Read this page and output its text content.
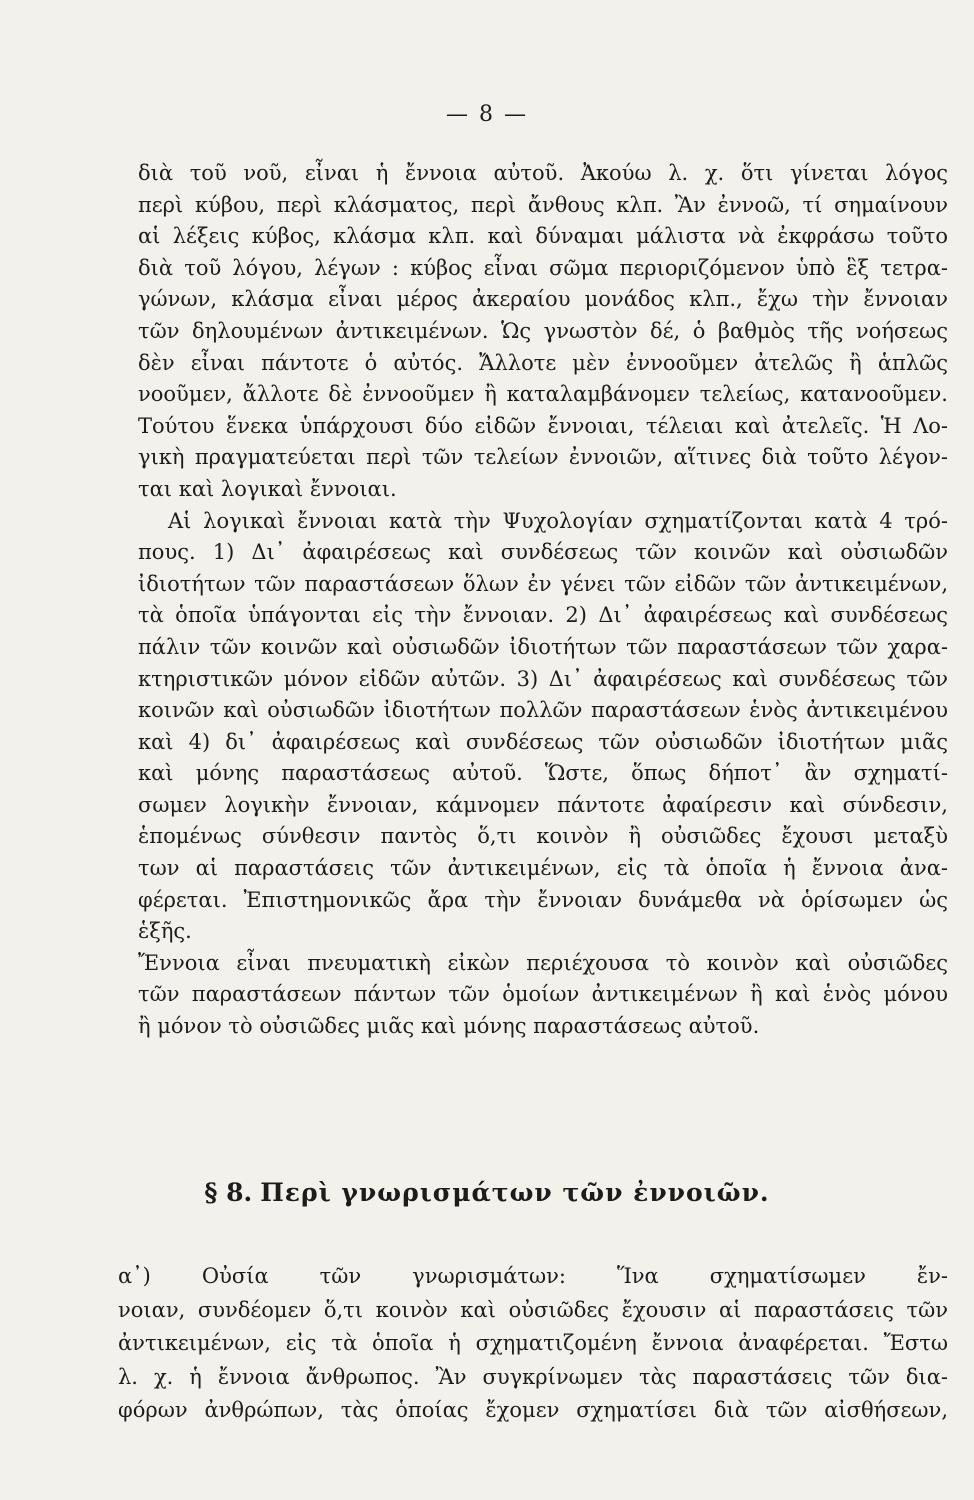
— 8 —
διὰ τοῦ νοῦ, εἶναι ἡ ἔννοια αὐτοῦ. Ἀκούω λ. χ. ὅτι γίνεται λόγος
περὶ κύβου, περὶ κλάσματος, περὶ ἄνθους κλπ. Ἂν ἐννοῶ, τί σημαίνουν
αἱ λέξεις κύβος, κλάσμα κλπ. καὶ δύναμαι μάλιστα νὰ ἐκφράσω τοῦτο
διὰ τοῦ λόγου, λέγων : κύβος εἶναι σῶμα περιοριζόμενον ὑπὸ ἓξ τετρα-
γώνων, κλάσμα εἶναι μέρος ἀκεραίου μονάδος κλπ., ἔχω τὴν ἔννοιαν
τῶν δηλουμένων ἀντικειμένων. Ὡς γνωστὸν δέ, ὁ βαθμὸς τῆς νοήσεως
δὲν εἶναι πάντοτε ὁ αὐτός. Ἄλλοτε μὲν ἐννοοῦμεν ἀτελῶς ἢ ἁπλῶς
νοοῦμεν, ἄλλοτε δὲ ἐννοοῦμεν ἢ καταλαμβάνομεν τελείως, κατανοοῦμεν.
Τούτου ἕνεκα ὑπάρχουσι δύο εἰδῶν ἔννοιαι, τέλειαι καὶ ἀτελεῖς. Ἡ Λο-
γικὴ πραγματεύεται περὶ τῶν τελείων ἐννοιῶν, αἵτινες διὰ τοῦτο λέγον-
ται καὶ λογικαὶ ἔννοιαι.
Αἱ λογικαὶ ἔννοιαι κατὰ τὴν Ψυχολογίαν σχηματίζονται κατὰ 4 τρό-
πους. 1) Δι᾽ ἀφαιρέσεως καὶ συνδέσεως τῶν κοινῶν καὶ οὐσιωδῶν
ἰδιοτήτων τῶν παραστάσεων ὅλων ἐν γένει τῶν εἰδῶν τῶν ἀντικειμένων,
τὰ ὁποῖα ὑπάγονται εἰς τὴν ἔννοιαν. 2) Δι᾽ ἀφαιρέσεως καὶ συνδέσεως
πάλιν τῶν κοινῶν καὶ οὐσιωδῶν ἰδιοτήτων τῶν παραστάσεων τῶν χαρα-
κτηριστικῶν μόνον εἰδῶν αὐτῶν. 3) Δι᾽ ἀφαιρέσεως καὶ συνδέσεως τῶν
κοινῶν καὶ οὐσιωδῶν ἰδιοτήτων πολλῶν παραστάσεων ἑνὸς ἀντικειμένου
καὶ 4) δι᾽ ἀφαιρέσεως καὶ συνδέσεως τῶν οὐσιωδῶν ἰδιοτήτων μιᾶς
καὶ μόνης παραστάσεως αὐτοῦ. Ὥστε, ὅπως δήποτ᾽ ἂν σχηματί-
σωμεν λογικὴν ἔννοιαν, κάμνομεν πάντοτε ἀφαίρεσιν καὶ σύνδεσιν,
ἑπομένως σύνθεσιν παντὸς ὅ,τι κοινὸν ἢ οὐσιῶδες ἔχουσι μεταξὺ
των αἱ παραστάσεις τῶν ἀντικειμένων, εἰς τὰ ὁποῖα ἡ ἔννοια ἀνα-
φέρεται. Ἐπιστημονικῶς ἄρα τὴν ἔννοιαν δυνάμεθα νὰ ὁρίσωμεν ὡς
ἑξῆς.
Ἔννοια εἶναι πνευματικὴ εἰκὼν περιέχουσα τὸ κοινὸν καὶ οὐσιῶδες
τῶν παραστάσεων πάντων τῶν ὁμοίων ἀντικειμένων ἢ καὶ ἑνὸς μόνου
ἢ μόνον τὸ οὐσιῶδες μιᾶς καὶ μόνης παραστάσεως αὐτοῦ.
§ 8. Περὶ γνωρισμάτων τῶν ἐννοιῶν.
α᾽) Οὐσία τῶν γνωρισμάτων: Ἵνα σχηματίσωμεν ἔν-
νοιαν, συνδέομεν ὅ,τι κοινὸν καὶ οὐσιῶδες ἔχουσιν αἱ παραστάσεις τῶν
ἀντικειμένων, εἰς τὰ ὁποῖα ἡ σχηματιζομένη ἔννοια ἀναφέρεται. Ἔστω
λ. χ. ἡ ἔννοια ἄνθρωπος. Ἂν συγκρίνωμεν τὰς παραστάσεις τῶν δια-
φόρων ἀνθρώπων, τὰς ὁποίας ἔχομεν σχηματίσει διὰ τῶν αἰσθήσεων,
